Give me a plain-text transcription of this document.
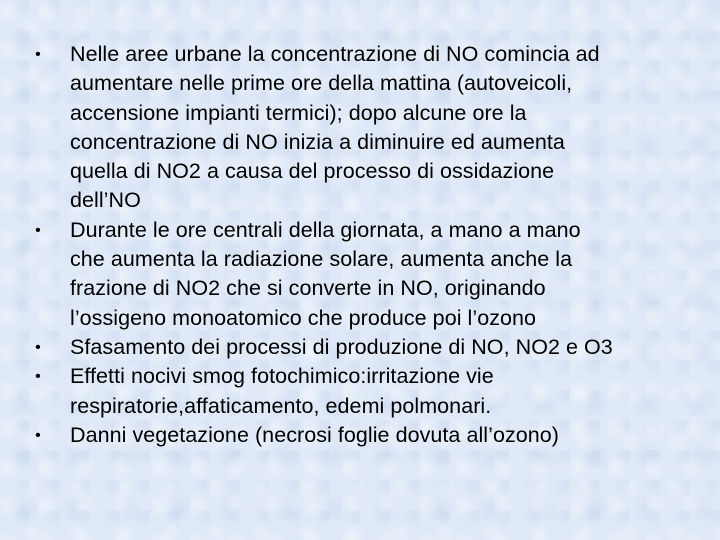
•	Nelle aree urbane la concentrazione di NO comincia ad
aumentare nelle prime ore della mattina (autoveicoli,
accensione impianti termici); dopo alcune ore la
concentrazione di NO inizia a diminuire ed aumenta
quella di NO2 a causa del processo di ossidazione
dell’NO
•	Durante le ore centrali della giornata, a mano a mano
che aumenta la radiazione solare, aumenta anche la
frazione di NO2 che si converte in NO, originando
l’ossigeno monoatomico che produce poi l’ozono
•	Sfasamento dei processi di produzione di NO, NO2 e O3
•	Effetti nocivi smog fotochimico:irritazione vie
respiratorie,affaticamento, edemi polmonari.
•	Danni vegetazione (necrosi foglie dovuta all’ozono)
